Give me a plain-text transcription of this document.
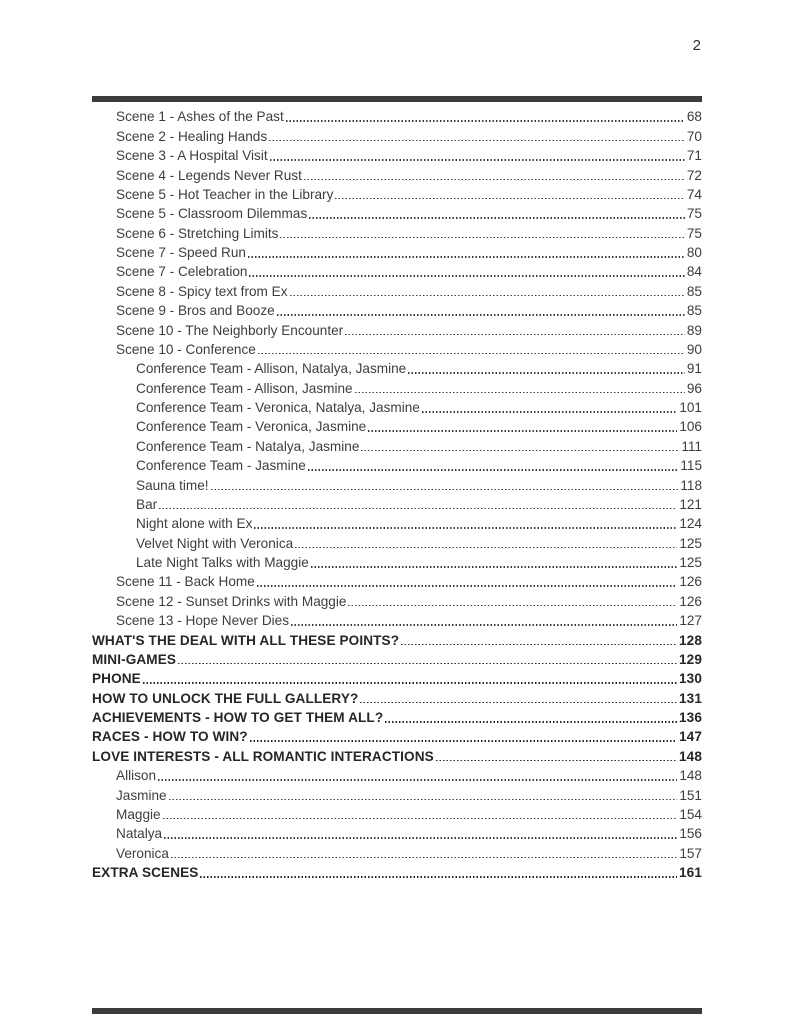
2
Scene 1 - Ashes of the Past	68
Scene 2 - Healing Hands	70
Scene 3 - A Hospital Visit	71
Scene 4 - Legends Never Rust	72
Scene 5 - Hot Teacher in the Library	74
Scene 5 - Classroom Dilemmas	75
Scene 6 - Stretching Limits	75
Scene 7 - Speed Run	80
Scene 7 - Celebration	84
Scene 8 - Spicy text from Ex	85
Scene 9 - Bros and Booze	85
Scene 10 - The Neighborly Encounter	89
Scene 10 - Conference	90
Conference Team - Allison, Natalya, Jasmine	91
Conference Team - Allison, Jasmine	96
Conference Team - Veronica, Natalya, Jasmine	101
Conference Team - Veronica, Jasmine	106
Conference Team - Natalya, Jasmine	111
Conference Team - Jasmine	115
Sauna time!	118
Bar	121
Night alone with Ex	124
Velvet Night with Veronica	125
Late Night Talks with Maggie	125
Scene 11 - Back Home	126
Scene 12 - Sunset Drinks with Maggie	126
Scene 13 - Hope Never Dies	127
WHAT'S THE DEAL WITH ALL THESE POINTS?	128
MINI-GAMES	129
PHONE	130
HOW TO UNLOCK THE FULL GALLERY?	131
ACHIEVEMENTS - HOW TO GET THEM ALL?	136
RACES - HOW TO WIN?	147
LOVE INTERESTS - ALL ROMANTIC INTERACTIONS	148
Allison	148
Jasmine	151
Maggie	154
Natalya	156
Veronica	157
EXTRA SCENES	161
